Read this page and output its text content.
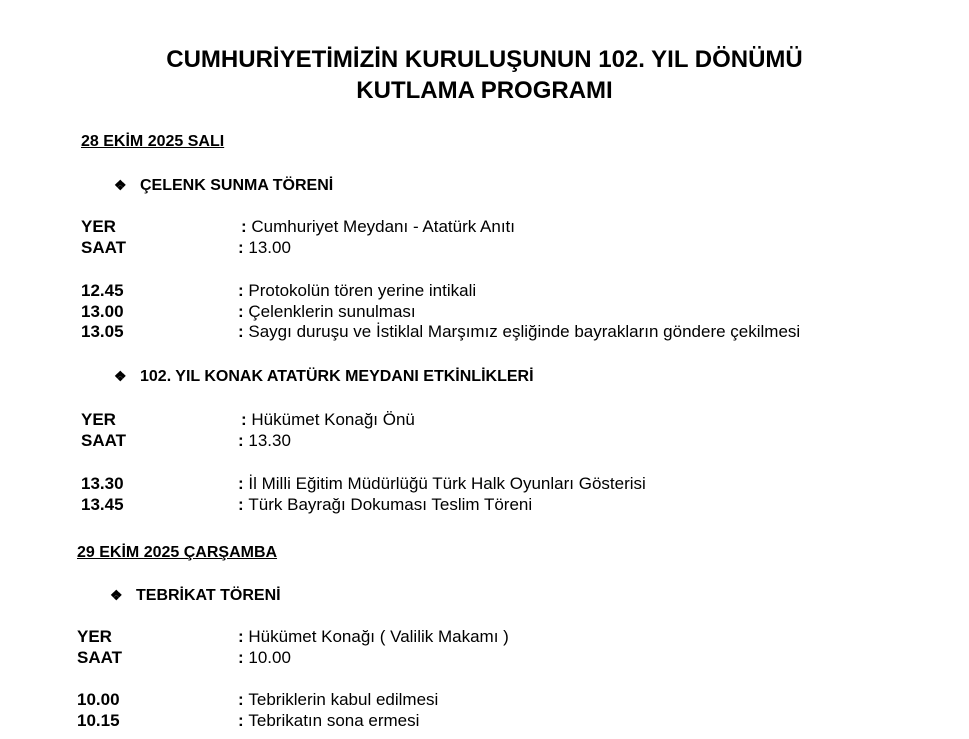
CUMHURİYETİMİZİN KURULUŞUNUN 102. YIL DÖNÜMÜ
KUTLAMA PROGRAMI
28 EKİM 2025 SALI
❖ ÇELENK SUNMA TÖRENİ
YER	: Cumhuriyet Meydanı - Atatürk Anıtı
SAAT	: 13.00
12.45	: Protokolün tören yerine intikali
13.00	: Çelenklerin sunulması
13.05	: Saygı duruşu ve İstiklal Marşımız eşliğinde bayrakların göndere çekilmesi
❖ 102. YIL KONAK ATATÜRK MEYDANI ETKİNLİKLERİ
YER	: Hükümet Konağı Önü
SAAT	: 13.30
13.30	: İl Milli Eğitim Müdürlüğü Türk Halk Oyunları Gösterisi
13.45	: Türk Bayrağı Dokuması Teslim Töreni
29 EKİM 2025 ÇARŞAMBA
❖ TEBRİKAT TÖRENİ
YER	: Hükümet Konağı ( Valilik Makamı )
SAAT	: 10.00
10.00	: Tebriklerin kabul edilmesi
10.15	: Tebrikatın sona ermesi
